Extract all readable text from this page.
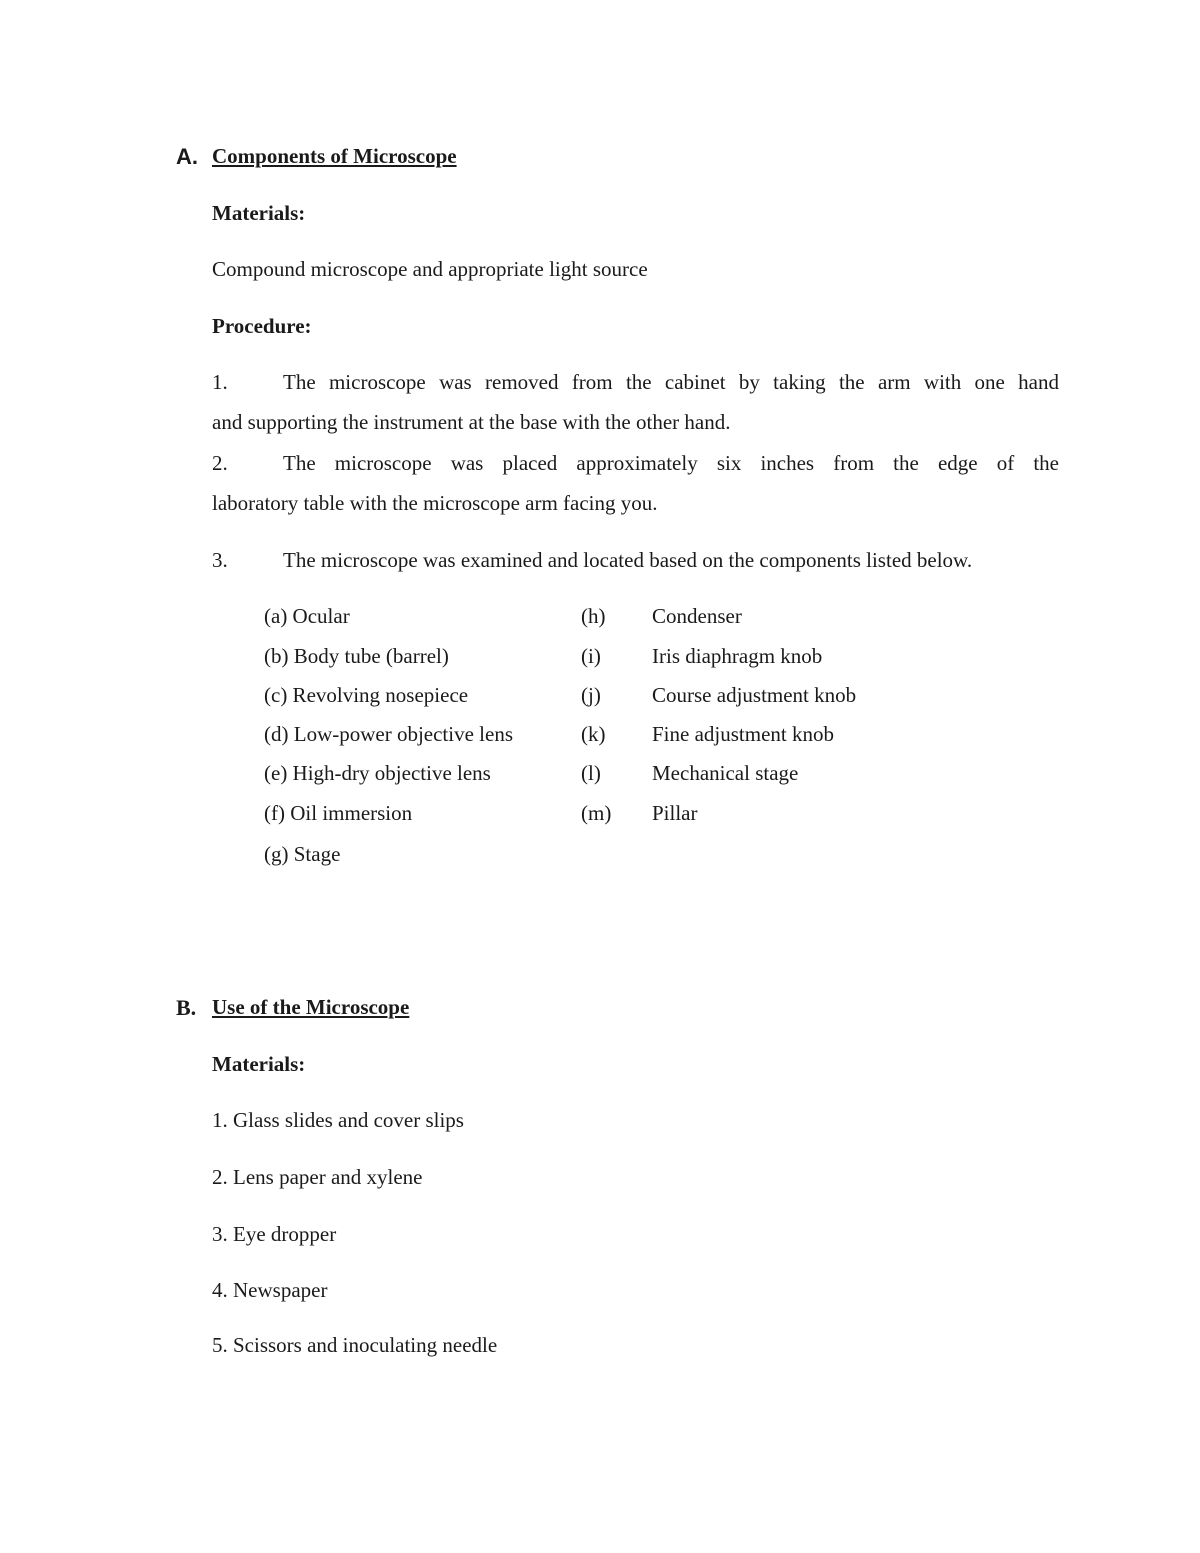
A. Components of Microscope
Materials:
Compound microscope and appropriate light source
Procedure:
1.	The microscope was removed from the cabinet by taking the arm with one hand
and supporting the instrument at the base with the other hand.
2.	The microscope was placed approximately six inches from the edge of the
laboratory table with the microscope arm facing you.
3.	The microscope was examined and located based on the components listed below.
(a) Ocular
(b) Body tube (barrel)
(c) Revolving nosepiece
(d) Low-power objective lens
(e) High-dry objective lens
(f) Oil immersion
(g) Stage
(h) Condenser
(i) Iris diaphragm knob
(j) Course adjustment knob
(k) Fine adjustment knob
(l) Mechanical stage
(m) Pillar
B. Use of the Microscope
Materials:
1. Glass slides and cover slips
2. Lens paper and xylene
3. Eye dropper
4. Newspaper
5. Scissors and inoculating needle
